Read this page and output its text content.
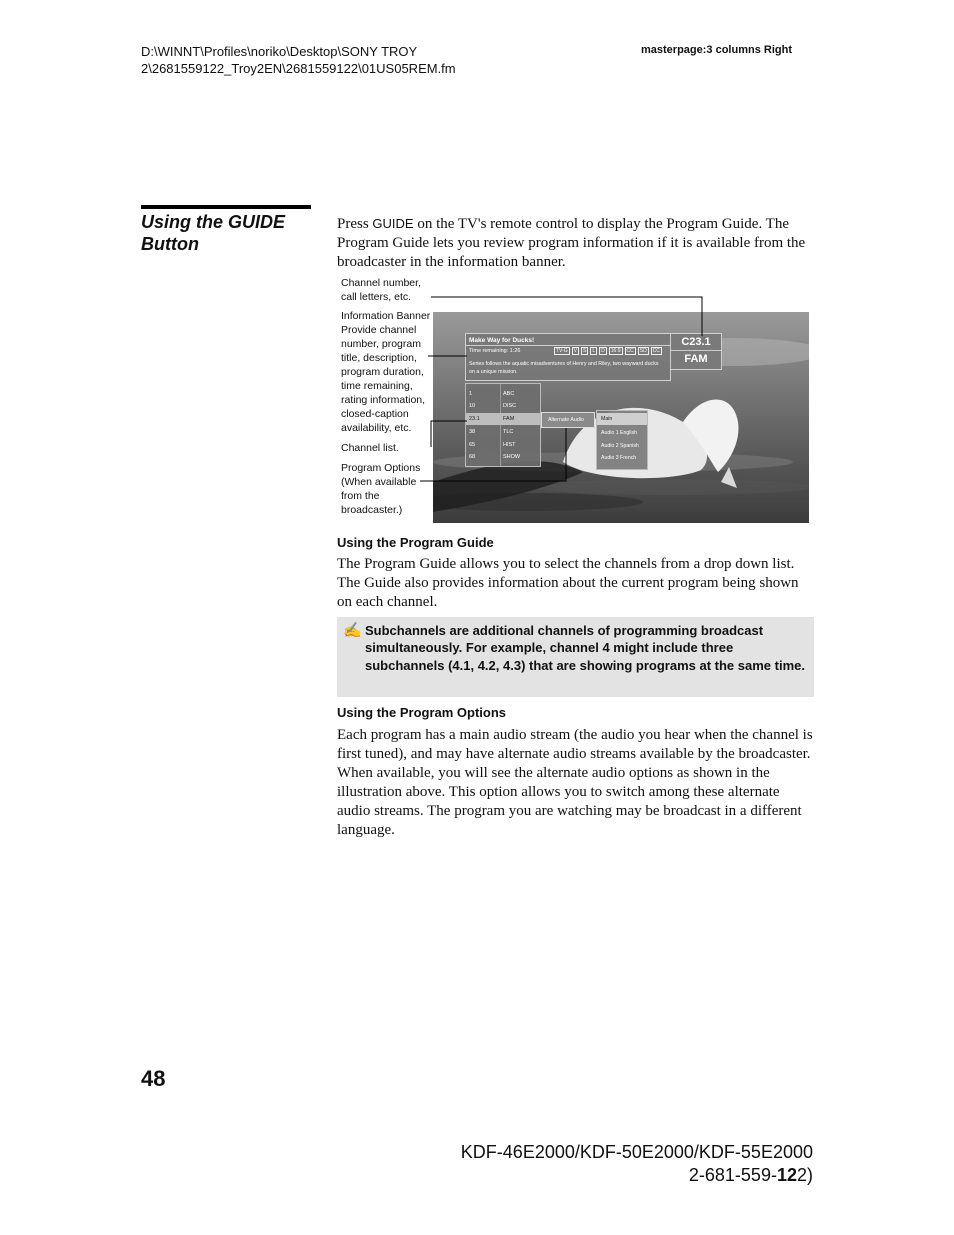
D:\WINNT\Profiles\noriko\Desktop\SONY TROY
2\2681559122_Troy2EN\2681559122\01US05REM.fm
masterpage:3 columns Right
Using the GUIDE
Button
Press GUIDE on the TV's remote control to display the Program Guide. The Program Guide lets you review program information if it is available from the broadcaster in the information banner.
Channel number, call letters, etc.
Information Banner Provide channel number, program title, description, program duration, time remaining, rating information, closed-caption availability, etc.
Channel list.
Program Options (When available from the broadcaster.)
Make Way for Ducks!
Time remaining: 1:26	TV-G	V	S	L	D	16:9	CC	SD	CC
Series follows the aquatic misadventures of Henry and Riley, two wayward ducks on a unique mission.
C23.1
FAM
1	ABC
10	DISC
23.1	FAM
38	TLC
65	HIST
68	SHOW
Alternate Audio	Main
Audio 1 English
Audio 2 Spanish
Audio 3 French
Using the Program Guide
The Program Guide allows you to select the channels from a drop down list. The Guide also provides information about the current program being shown on each channel.
✍ Subchannels are additional channels of programming broadcast simultaneously. For example, channel 4 might include three subchannels (4.1, 4.2, 4.3) that are showing programs at the same time.
Using the Program Options
Each program has a main audio stream (the audio you hear when the channel is first tuned), and may have alternate audio streams available by the broadcaster. When available, you will see the alternate audio options as shown in the illustration above. This option allows you to switch among these alternate audio streams. The program you are watching may be broadcast in a different language.
48
KDF-46E2000/KDF-50E2000/KDF-55E2000
2-681-559-122)
